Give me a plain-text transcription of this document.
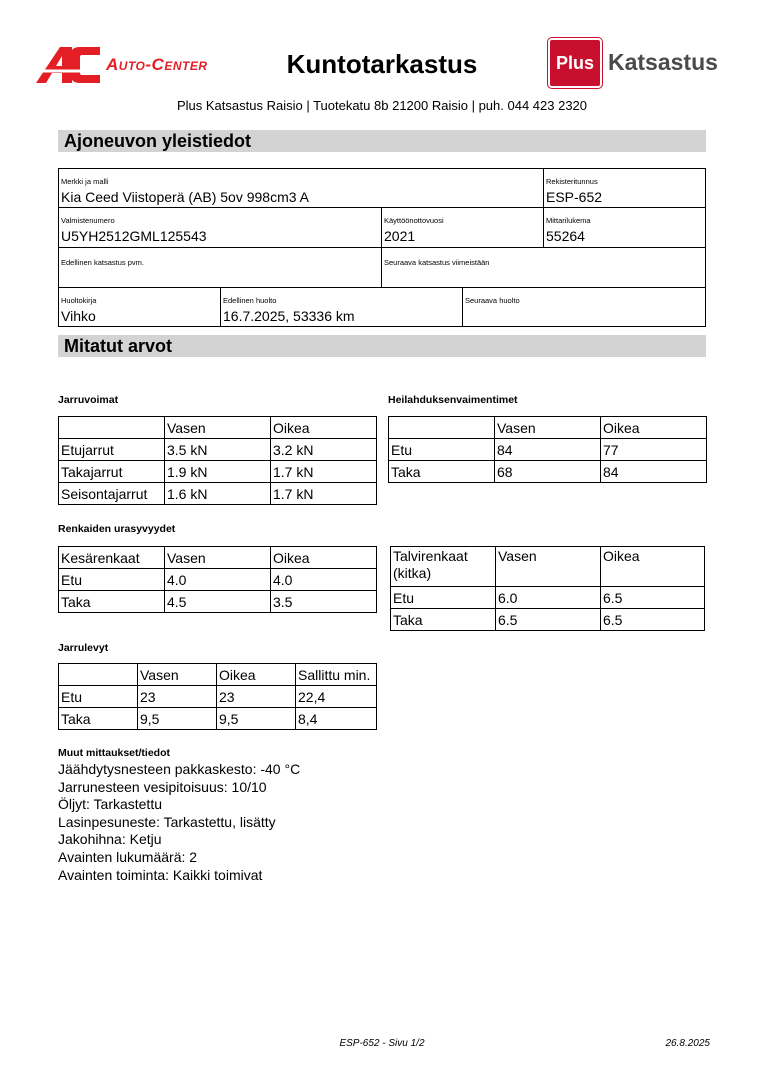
Auto-Center	Kuntotarkastus	Plus Katsastus
Plus Katsastus Raisio | Tuotekatu 8b 21200 Raisio | puh. 044 423 2320
Ajoneuvon yleistiedot
Merkki ja malli
Kia Ceed Viistoperä (AB) 5ov 998cm3 A
Rekisteritunnus
ESP-652
Valmistenumero
U5YH2512GML125543
Käyttöönottovuosi
2021
Mittarilukema
55264
Edellinen katsastus pvm.	Seuraava katsastus viimeistään
Huoltokirja
Vihko
Edellinen huolto
16.7.2025, 53336 km
Seuraava huolto
Mitatut arvot
Jarruvoimat
	Vasen	Oikea
Etujarrut	3.5 kN	3.2 kN
Takajarrut	1.9 kN	1.7 kN
Seisontajarrut	1.6 kN	1.7 kN
Heilahduksenvaimentimet
	Vasen	Oikea
Etu	84	77
Taka	68	84
Renkaiden urasyvyydet
Kesärenkaat	Vasen	Oikea
Etu	4.0	4.0
Taka	4.5	3.5
Talvirenkaat (kitka)	Vasen	Oikea
Etu	6.0	6.5
Taka	6.5	6.5
Jarrulevyt
	Vasen	Oikea	Sallittu min.
Etu	23	23	22,4
Taka	9,5	9,5	8,4
Muut mittaukset/tiedot
Jäähdytysnesteen pakkaskesto: -40 °C
Jarrunesteen vesipitoisuus: 10/10
Öljyt: Tarkastettu
Lasinpesuneste: Tarkastettu, lisätty
Jakohihna: Ketju
Avainten lukumäärä: 2
Avainten toiminta: Kaikki toimivat
ESP-652 - Sivu 1/2	26.8.2025
